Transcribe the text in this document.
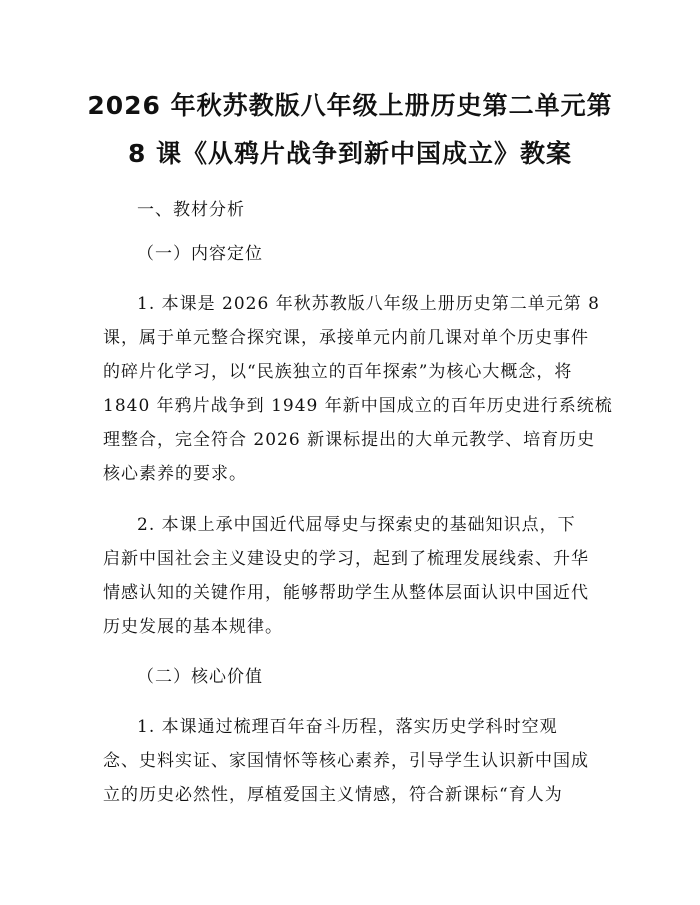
2026 年秋苏教版八年级上册历史第二单元第
8 课《从鸦片战争到新中国成立》教案
一、教材分析
（一）内容定位
1. 本课是 2026 年秋苏教版八年级上册历史第二单元第 8
课，属于单元整合探究课，承接单元内前几课对单个历史事件
的碎片化学习，以“民族独立的百年探索”为核心大概念，将
1840 年鸦片战争到 1949 年新中国成立的百年历史进行系统梳
理整合，完全符合 2026 新课标提出的大单元教学、培育历史
核心素养的要求。
2. 本课上承中国近代屈辱史与探索史的基础知识点，下
启新中国社会主义建设史的学习，起到了梳理发展线索、升华
情感认知的关键作用，能够帮助学生从整体层面认识中国近代
历史发展的基本规律。
（二）核心价值
1. 本课通过梳理百年奋斗历程，落实历史学科时空观
念、史料实证、家国情怀等核心素养，引导学生认识新中国成
立的历史必然性，厚植爱国主义情感，符合新课标“育人为
